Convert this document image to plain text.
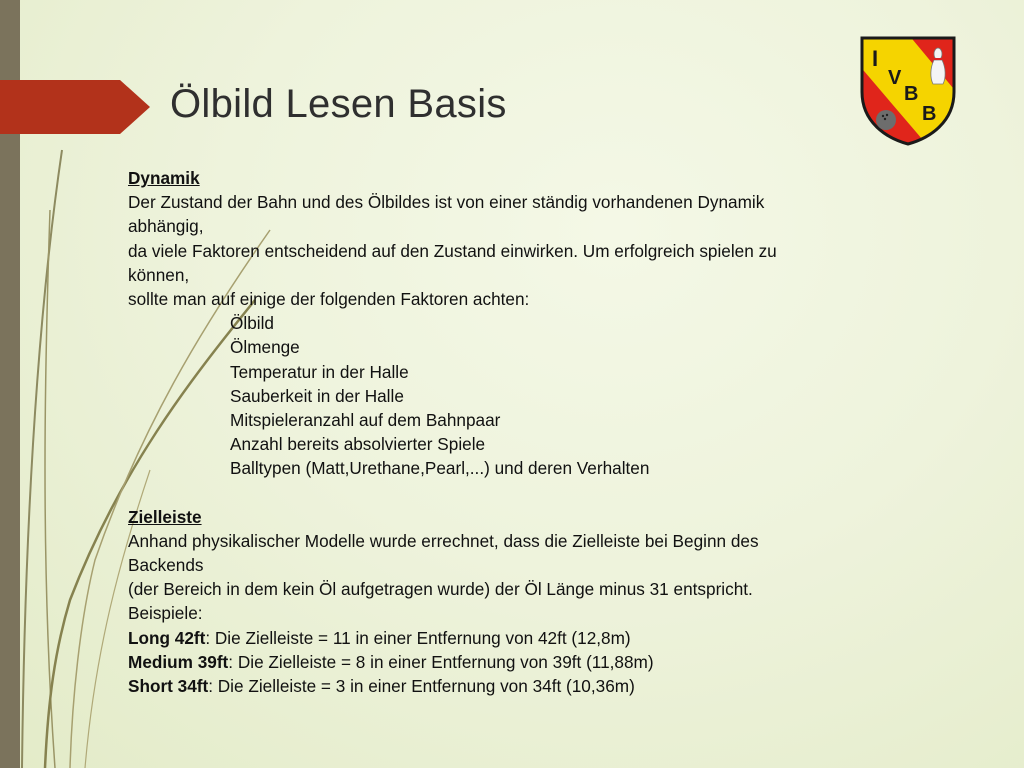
Ölbild Lesen Basis
I
V
B
B

Dynamik

Der Zustand der Bahn und des Ölbildes ist von einer ständig vorhandenen Dynamik

abhängig,

da viele Faktoren entscheidend auf den Zustand einwirken. Um erfolgreich spielen zu

können,

sollte man auf einige der folgenden Faktoren achten:

Ölbild

Ölmenge

Temperatur in der Halle

Sauberkeit in der Halle

Mitspieleranzahl auf dem Bahnpaar

Anzahl bereits absolvierter Spiele

Balltypen (Matt,Urethane,Pearl,...) und deren Verhalten

Zielleiste

Anhand physikalischer Modelle wurde errechnet, dass die Zielleiste bei Beginn des

Backends

(der Bereich in dem kein Öl aufgetragen wurde) der Öl Länge minus 31 entspricht.

Beispiele:

Long 42ft: Die Zielleiste = 11 in einer Entfernung von 42ft (12,8m)

Medium 39ft: Die Zielleiste = 8 in einer Entfernung von 39ft (11,88m)

Short 34ft: Die Zielleiste = 3 in einer Entfernung von 34ft (10,36m)
